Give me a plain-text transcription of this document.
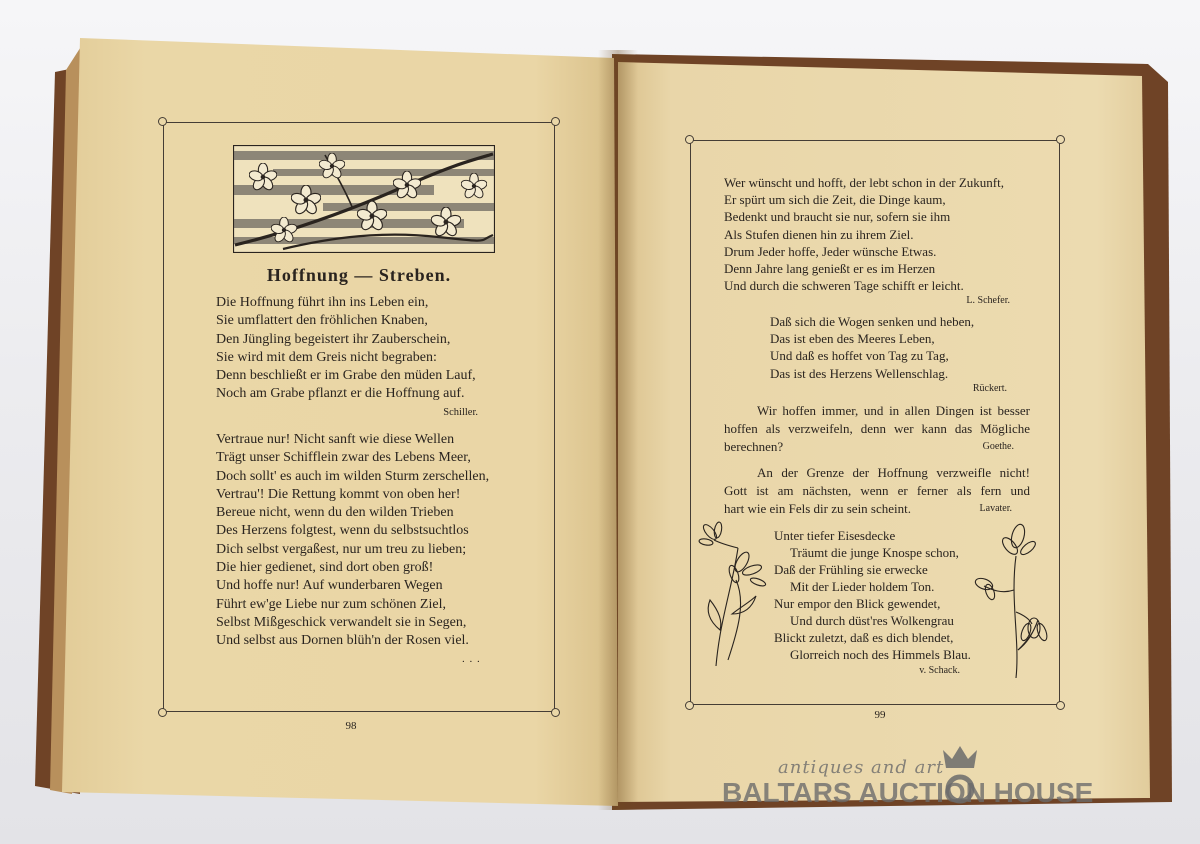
Hoffnung — Streben.
Die Hoffnung führt ihn ins Leben ein,
Sie umflattert den fröhlichen Knaben,
Den Jüngling begeistert ihr Zauberschein,
Sie wird mit dem Greis nicht begraben:
Denn beschließt er im Grabe den müden Lauf,
Noch am Grabe pflanzt er die Hoffnung auf.
Schiller.
Vertraue nur! Nicht sanft wie diese Wellen
Trägt unser Schifflein zwar des Lebens Meer,
Doch sollt' es auch im wilden Sturm zerschellen,
Vertrau'! Die Rettung kommt von oben her!
Bereue nicht, wenn du den wilden Trieben
Des Herzens folgtest, wenn du selbstsuchtlos
Dich selbst vergaßest, nur um treu zu lieben;
Die hier gedienet, sind dort oben groß!
Und hoffe nur! Auf wunderbaren Wegen
Führt ew'ge Liebe nur zum schönen Ziel,
Selbst Mißgeschick verwandelt sie in Segen,
Und selbst aus Dornen blüh'n der Rosen viel.
. . .
98
Wer wünscht und hofft, der lebt schon in der Zukunft,
Er spürt um sich die Zeit, die Dinge kaum,
Bedenkt und braucht sie nur, sofern sie ihm
Als Stufen dienen hin zu ihrem Ziel.
Drum Jeder hoffe, Jeder wünsche Etwas.
Denn Jahre lang genießt er es im Herzen
Und durch die schweren Tage schifft er leicht.
L. Schefer.
Daß sich die Wogen senken und heben,
Das ist eben des Meeres Leben,
Und daß es hoffet von Tag zu Tag,
Das ist des Herzens Wellenschlag.
Rückert.
Wir hoffen immer, und in allen Dingen ist besser
hoffen als verzweifeln, denn wer kann das Mögliche
berechnen?	Goethe.
An der Grenze der Hoffnung verzweifle nicht!
Gott ist am nächsten, wenn er ferner als fern und
hart wie ein Fels dir zu sein scheint.	Lavater.
Unter tiefer Eisesdecke
Träumt die junge Knospe schon,
Daß der Frühling sie erwecke
Mit der Lieder holdem Ton.
Nur empor den Blick gewendet,
Und durch düst'res Wolkengrau
Blickt zuletzt, daß es dich blendet,
Glorreich noch des Himmels Blau.
v. Schack.
99
antiques and art
BALTARS AUCTION HOUSE
